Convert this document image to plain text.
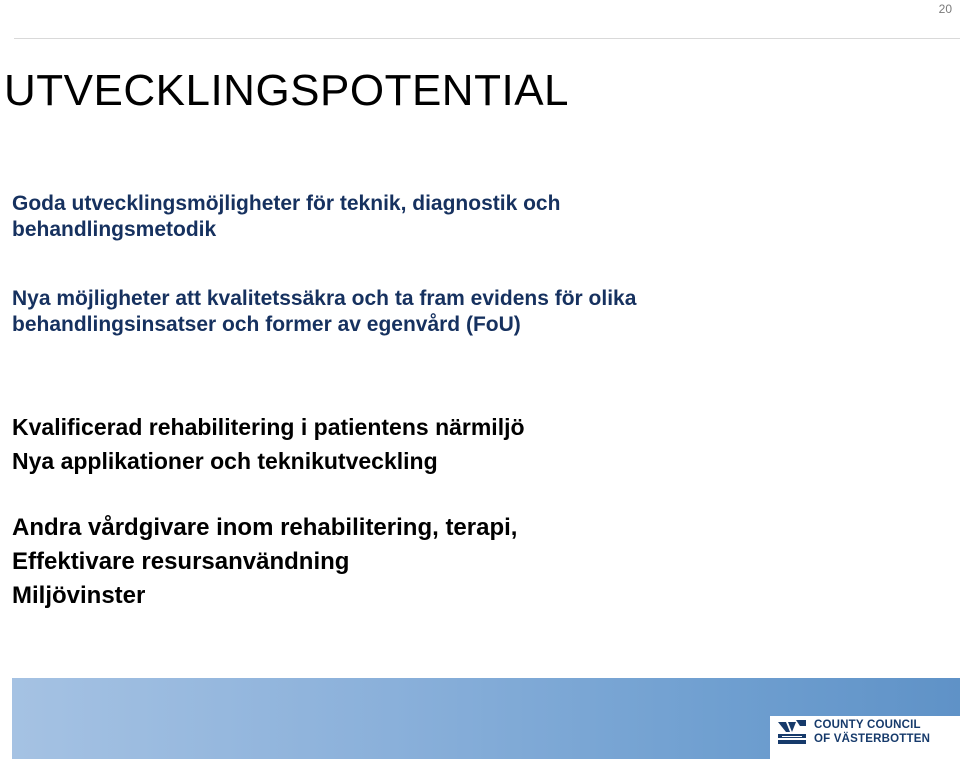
20
UTVECKLINGSPOTENTIAL

Goda utvecklingsmöjligheter för teknik, diagnostik och

behandlingsmetodik

Nya möjligheter att kvalitetssäkra och ta fram evidens för olika

behandlingsinsatser och former av egenvård (FoU)

Kvalificerad rehabilitering i patientens närmiljö

Nya applikationer och teknikutveckling

Andra vårdgivare inom rehabilitering, terapi,

Effektivare resursanvändning

Miljövinster

COUNTY COUNCIL
OF VÄSTERBOTTEN
